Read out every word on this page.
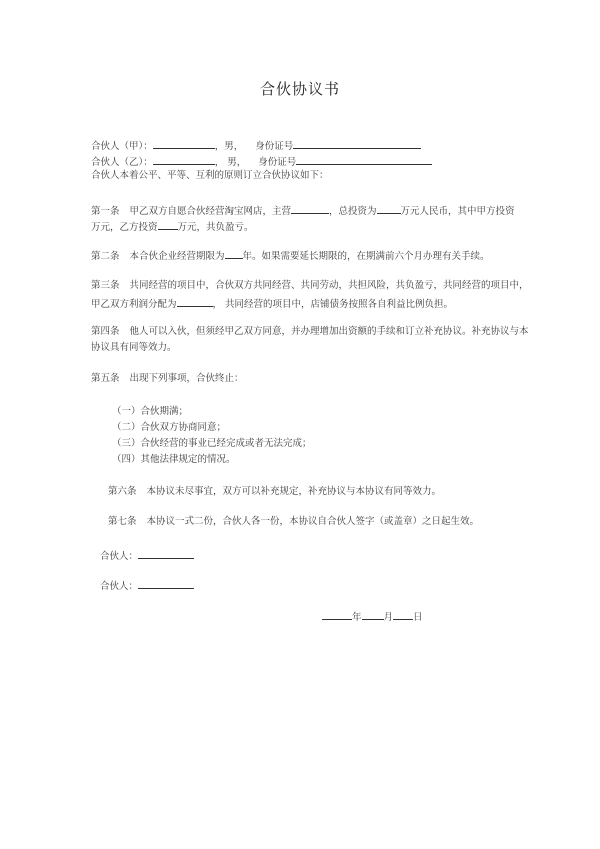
合伙协议书
合伙人（甲）：	，男， 身份证号
合伙人（乙）：	， 男， 身份证号
合伙人本着公平、平等、互利的原则订立合伙协议如下：
第一条 甲乙双方自愿合伙经营淘宝网店，主营	，总投资为	万元人民币，其中甲方投资
万元，乙方投资 万元，共负盈亏。
第二条 本合伙企业经营期限为 年。如果需要延长期限的，在期满前六个月办理有关手续。
第三条 共同经营的项目中，合伙双方共同经营、共同劳动，共担风险，共负盈亏，共同经营的项目中，
甲乙双方利润分配为	， 共同经营的项目中，店铺债务按照各自利益比例负担。
第四条 他人可以入伙，但须经甲乙双方同意，并办理增加出资额的手续和订立补充协议。补充协议与本
协议具有同等效力。
第五条 出现下列事项，合伙终止：
（一）合伙期满；
（二）合伙双方协商同意；
（三）合伙经营的事业已经完成或者无法完成；
（四）其他法律规定的情况。
第六条 本协议未尽事宜，双方可以补充规定，补充协议与本协议有同等效力。
第七条 本协议一式二份，合伙人各一份，本协议自合伙人签字（或盖章）之日起生效。
合伙人：
合伙人：
年 月 日
